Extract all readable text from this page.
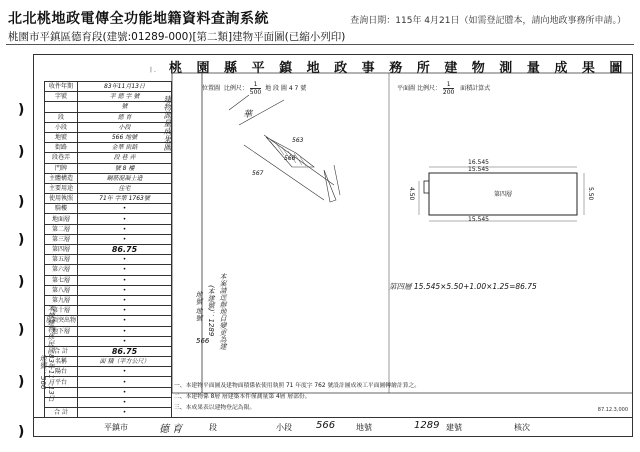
北北桃地政電傳全功能地籍資料查詢系統	查詢日期：115年 4月21日（如需登記謄本，請向地政事務所申請。）
桃園市平鎮區德育段(建號:01289-000)[第二類]建物平面圖(已縮小列印)
)
)
)
)
)
)
)
)
丨． 桃 園 縣 平 鎮 地 政 事 務 所 建 物 測 量 成 果 圖
本棟建物係民國83年11月13日
地號：566
收件年期	83年11月13日
字號	平 德 字 號
	號
段	德 育
小段	小段
地號	566 地號
街路	金華 街路
段巷弄	段 巷 弄
門牌	號 8 樓
主體構造	鋼筋混凝土造
主要用途	住宅
使用執照	71年 字第 1763號
騎樓	•
地面層	•
第二層	•
第三層	•
第四層	86.75
第五層	•
第六層	•
第七層	•
第八層	•
第九層	•
第十層	•
屋頂突出物	•
地下層	•
	•
合 計	86.75
名稱	面 積（平方公尺）
陽台	•
平台	•
	•
	•
合 計	•
位置圖 比例尺： $\frac{1}{500}$ 地 段 圖 4 7 號	平面圖 比例尺： $\frac{1}{200}$ 面積計算式
建物測量成果圖
本案請逕辦地目變更為建
(本建號)：1289
地號 地號
566
華
567
566
563
16.545
15.545
15.545
4.50	5.50
第四層
第四層 15.545×5.50+1.00×1.25=86.75
一、本建物平面圖及建物面積係依使用執照 71 年度字 762 號設計圖成竣工平面圖轉繪計算之。
二、本建物係 8層 層建築本件僅測量第 4層 層部份。
三、本成果表以建物登記為限。	87.12.3,000
平鎮市	德 育	段	小段 566	地號	1289 建號	核次
